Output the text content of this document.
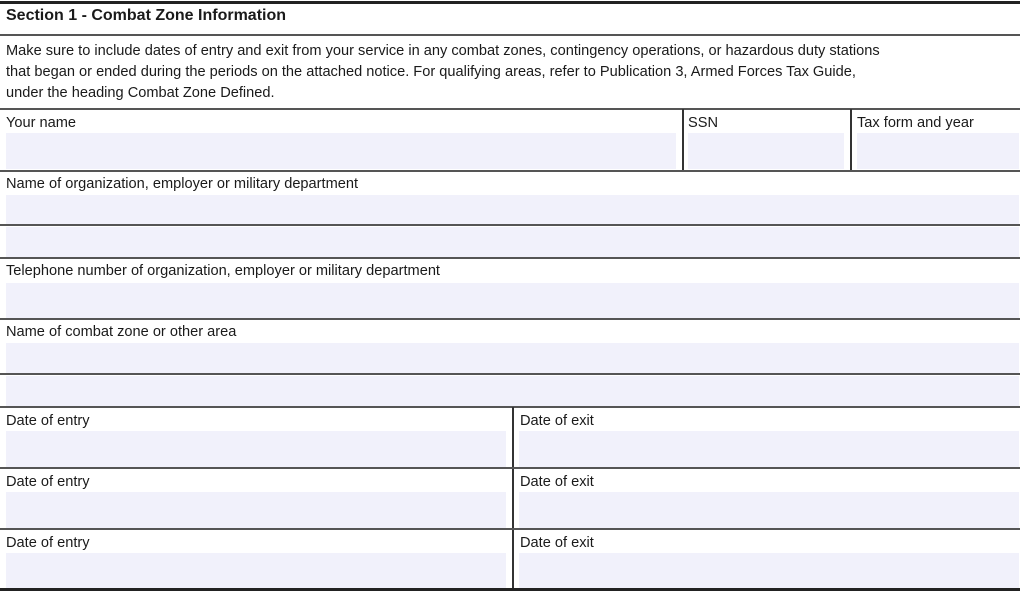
Section 1 - Combat Zone Information
Make sure to include dates of entry and exit from your service in any combat zones, contingency operations, or hazardous duty stations
that began or ended during the periods on the attached notice. For qualifying areas, refer to Publication 3, Armed Forces Tax Guide,
under the heading Combat Zone Defined.
Your name	SSN	Tax form and year
Name of organization, employer or military department
Telephone number of organization, employer or military department
Name of combat zone or other area
Date of entry	Date of exit
Date of entry	Date of exit
Date of entry	Date of exit
